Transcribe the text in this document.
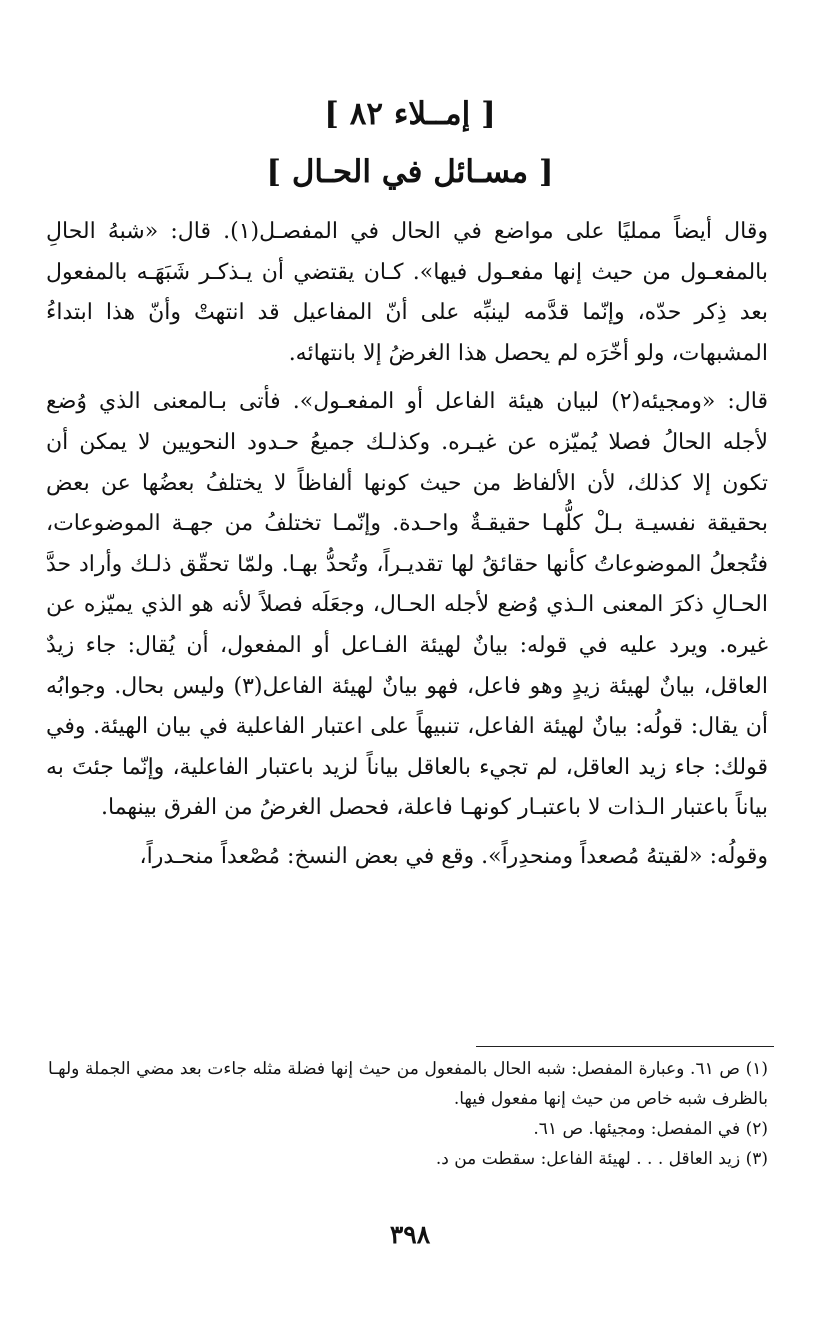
[ إمــلاء ٨٢ ]
[ مسـائل في الحـال ]

وقال أيضاً ممليًا على مواضع في الحال في المفصـل(١). قال: «شبهُ الحالِ بالمفعـول من حيث إنها مفعـول فيها». كـان يقتضي أن يـذكـر شَبَهَـه بالمفعول بعد ذِكر حدّه، وإنّما قدَّمه لينبِّه على أنّ المفاعيل قد انتهتْ وأنّ هذا ابتداءُ المشبهات، ولو أخّرَه لم يحصل هذا الغرضُ إلا بانتهائه.

قال: «ومجيئه(٢) لبيان هيئة الفاعل أو المفعـول». فأتى بـالمعنى الذي وُضع لأجله الحالُ فصلا يُميّزه عن غيـره. وكذلـك جميعُ حـدود النحويين لا يمكن أن تكون إلا كذلك، لأن الألفاظ من حيث كونها ألفاظاً لا يختلفُ بعضُها عن بعض بحقيقة نفسيـة بـلْ كلُّهـا حقيقـةٌ واحـدة. وإنّمـا تختلفُ من جهـة الموضوعات، فتُجعلُ الموضوعاتُ كأنها حقائقُ لها تقديـراً، وتُحدُّ بهـا. ولمّا تحقّق ذلـك وأراد حدَّ الحـالِ ذكرَ المعنى الـذي وُضع لأجله الحـال، وجعَلَه فصلاً لأنه هو الذي يميّزه عن غيره. ويرد عليه في قوله: بيانٌ لهيئة الفـاعل أو المفعول، أن يُقال: جاء زيدٌ العاقل، بيانٌ لهيئة زيدٍ وهو فاعل، فهو بيانٌ لهيئة الفاعل(٣) وليس بحال. وجوابُه أن يقال: قولُه: بيانٌ لهيئة الفاعل، تنبيهاً على اعتبار الفاعلية في بيان الهيئة. وفي قولك: جاء زيد العاقل، لم تجيء بالعاقل بياناً لزيد باعتبار الفاعلية، وإنّما جئتَ به بياناً باعتبار الـذات لا باعتبـار كونهـا فاعلة، فحصل الغرضُ من الفرق بينهما.

وقولُه: «لقيتهُ مُصعداً ومنحدِراً». وقع في بعض النسخ: مُصْعداً منحـدراً،

(١) ص ٦١. وعبارة المفصل: شبه الحال بالمفعول من حيث إنها فضلة مثله جاءت بعد مضي الجملة ولهـا بالظرف شبه خاص من حيث إنها مفعول فيها.

(٢) في المفصل: ومجيئها. ص ٦١.

(٣) زيد العاقل . . . لهيئة الفاعل: سقطت من د.

٣٩٨
